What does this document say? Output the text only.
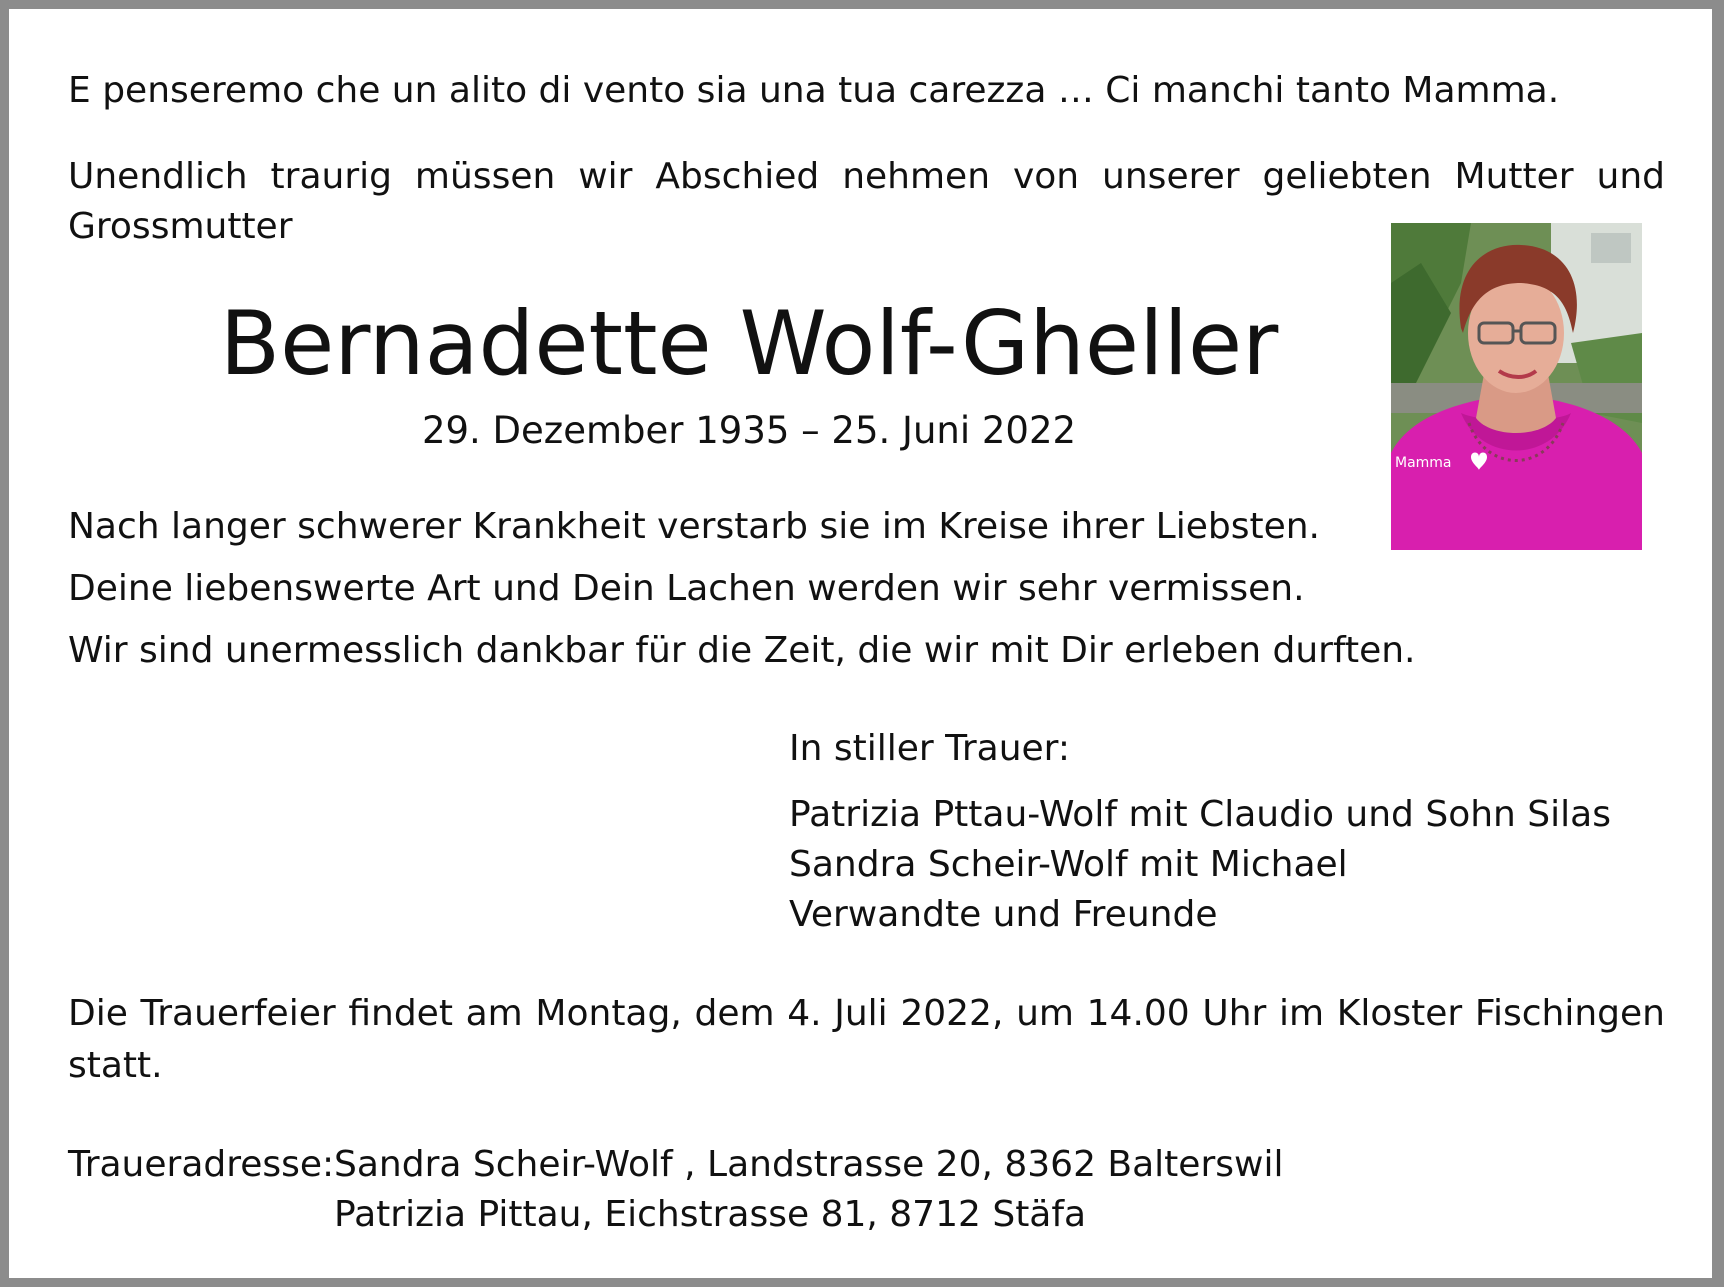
E penseremo che un alito di vento sia una tua carezza … Ci manchi tanto Mamma.

Unendlich traurig müssen wir Abschied nehmen von unserer geliebten Mutter und

Grossmutter

Bernadette Wolf-Gheller

29. Dezember 1935 – 25. Juni 2022

Mamma

Nach langer schwerer Krankheit verstarb sie im Kreise ihrer Liebsten.

Deine liebenswerte Art und Dein Lachen werden wir sehr vermissen.

Wir sind unermesslich dankbar für die Zeit, die wir mit Dir erleben durften.

In stiller Trauer:

Patrizia Pttau-Wolf mit Claudio und Sohn Silas

Sandra Scheir-Wolf mit Michael

Verwandte und Freunde

Die Trauerfeier findet am Montag, dem 4. Juli 2022, um 14.00 Uhr im Kloster Fischingen

statt.

Traueradresse: Sandra Scheir-Wolf , Landstrasse 20, 8362 Balterswil

Patrizia Pittau, Eichstrasse 81, 8712 Stäfa
